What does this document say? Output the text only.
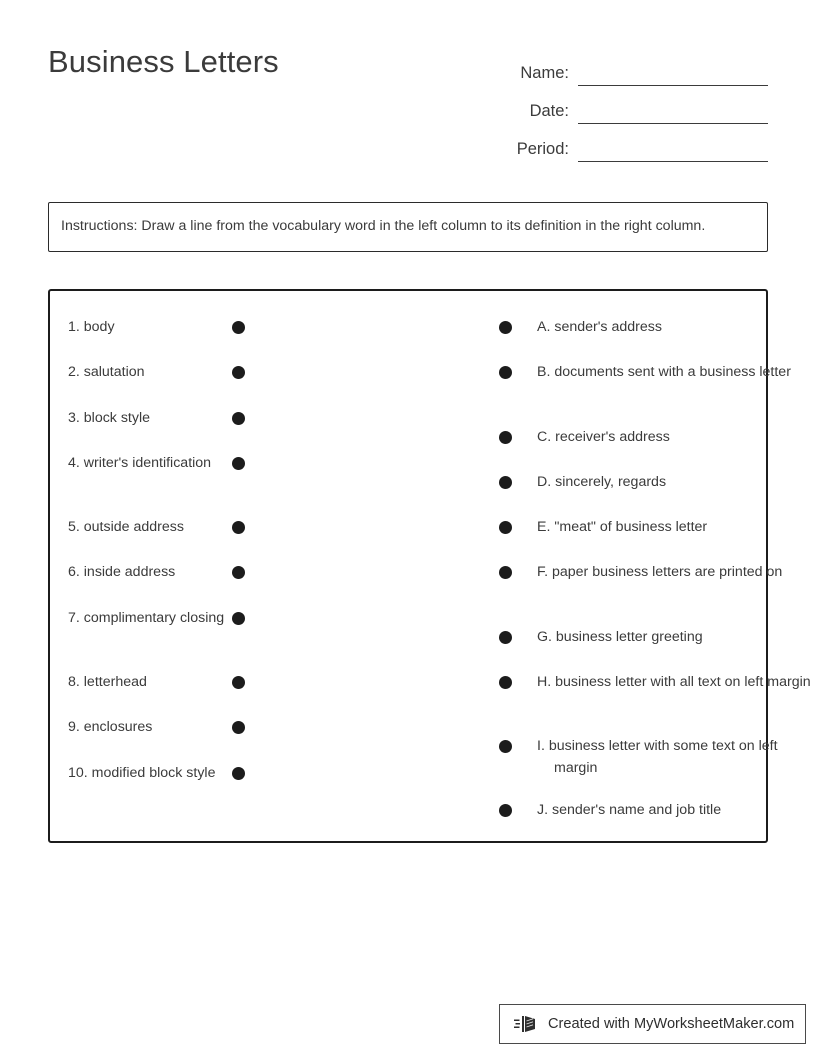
Business Letters	Name:
Date:
Period:
Instructions: Draw a line from the vocabulary word in the left column to its definition in the right column.
1. body
2. salutation
3. block style
4. writer's identification
5. outside address
6. inside address
7. complimentary closing
8. letterhead
9. enclosures
10. modified block style
A. sender's address
B. documents sent with a business letter
C. receiver's address
D. sincerely, regards
E. "meat" of business letter
F. paper business letters are printed on
G. business letter greeting
H. business letter with all text on left margin
I. business letter with some text on left margin
J. sender's name and job title
Created with MyWorksheetMaker.com
